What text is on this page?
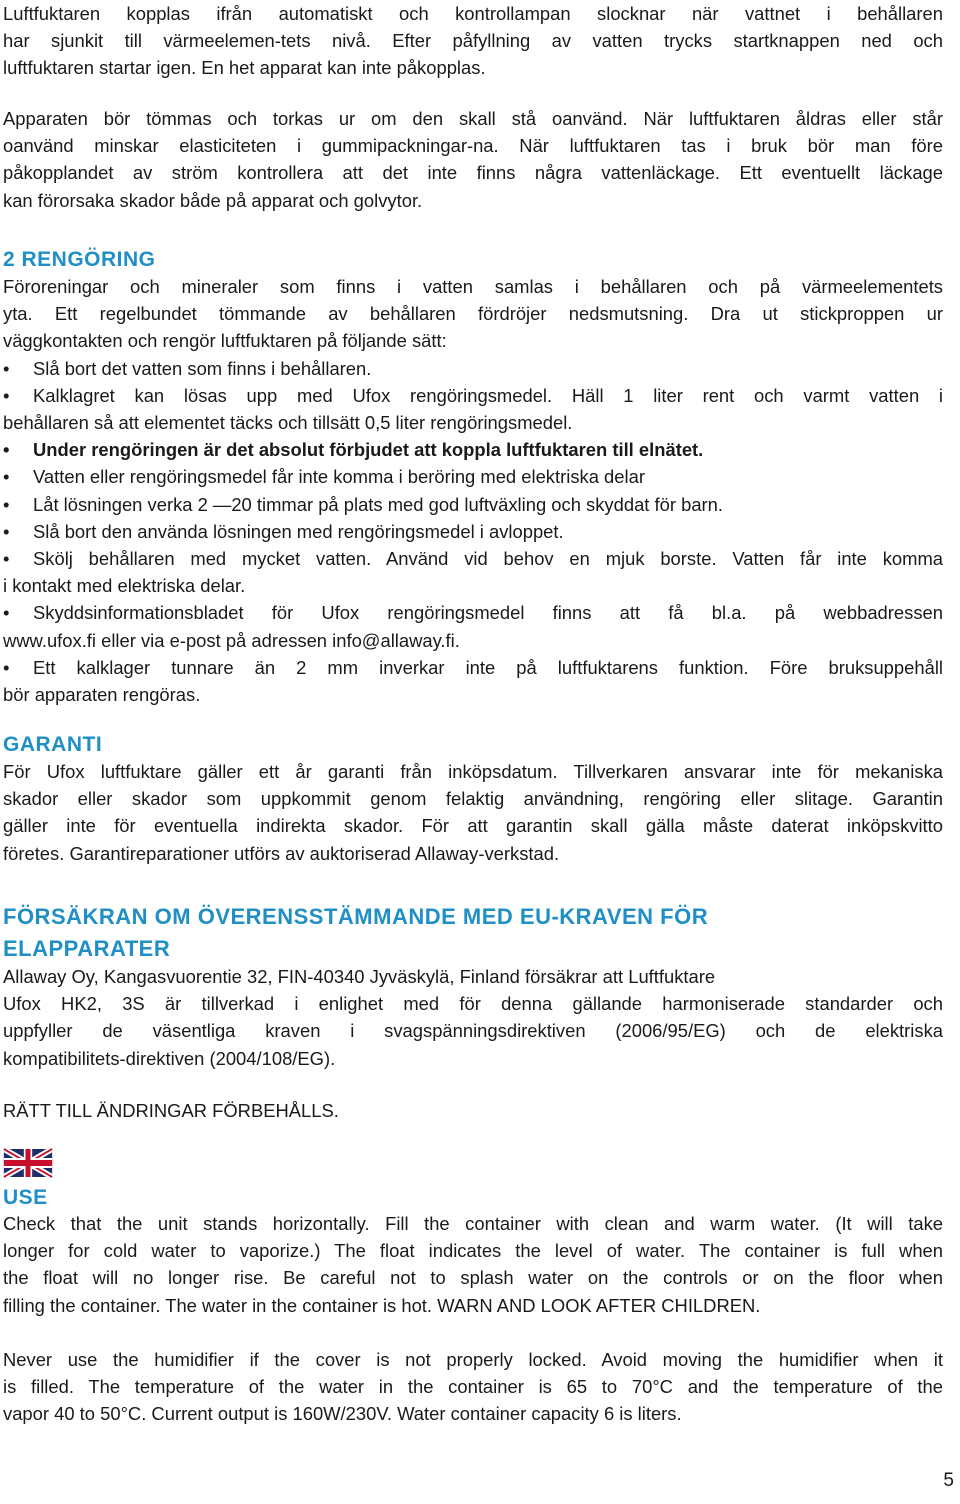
Luftfuktaren kopplas ifrån automatiskt och kontrollampan slocknar när vattnet i behållaren

har sjunkit till värmeelemen-tets nivå. Efter påfyllning av vatten trycks startknappen ned och

luftfuktaren startar igen. En het apparat kan inte påkopplas.

Apparaten bör tömmas och torkas ur om den skall stå oanvänd. När luftfuktaren åldras eller står

oanvänd minskar elasticiteten i gummipackningar-na. När luftfuktaren tas i bruk bör man före

påkopplandet av ström kontrollera att det inte finns några vattenläckage. Ett eventuellt läckage

kan förorsaka skador både på apparat och golvytor.

2 RENGÖRING

Föroreningar och mineraler som finns i vatten samlas i behållaren och på värmeelementets

yta. Ett regelbundet tömmande av behållaren fördröjer nedsmutsning. Dra ut stickproppen ur

väggkontakten och rengör luftfuktaren på följande sätt:

• Slå bort det vatten som finns i behållaren.

• Kalklagret kan lösas upp med Ufox rengöringsmedel. Häll 1 liter rent och varmt vatten i

behållaren så att elementet täcks och tillsätt 0,5 liter rengöringsmedel.

• Under rengöringen är det absolut förbjudet att koppla luftfuktaren till elnätet.
• Vatten eller rengöringsmedel får inte komma i beröring med elektriska delar
• Låt lösningen verka 2 —20 timmar på plats med god luftväxling och skyddat för barn.
• Slå bort den använda lösningen med rengöringsmedel i avloppet.

• Skölj behållaren med mycket vatten. Använd vid behov en mjuk borste. Vatten får inte komma

i kontakt med elektriska delar.

• Skyddsinformationsbladet för Ufox rengöringsmedel finns att få bl.a. på webbadressen

www.ufox.fi eller via e-post på adressen info@allaway.fi.

• Ett kalklager tunnare än 2 mm inverkar inte på luftfuktarens funktion. Före bruksuppehåll

bör apparaten rengöras.

GARANTI

För Ufox luftfuktare gäller ett år garanti från inköpsdatum. Tillverkaren ansvarar inte för mekaniska

skador eller skador som uppkommit genom felaktig användning, rengöring eller slitage. Garantin

gäller inte för eventuella indirekta skador. För att garantin skall gälla måste daterat inköpskvitto

företes. Garantireparationer utförs av auktoriserad Allaway-verkstad.

FÖRSÄKRAN OM ÖVERENSSTÄMMANDE MED EU-KRAVEN FÖR
ELAPPARATER

Allaway Oy, Kangasvuorentie 32, FIN-40340 Jyväskylä, Finland försäkrar att Luftfuktare

Ufox HK2, 3S är tillverkad i enlighet med för denna gällande harmoniserade standarder och

uppfyller de väsentliga kraven i svagspänningsdirektiven (2006/95/EG) och de elektriska

kompatibilitets-direktiven (2004/108/EG).

RÄTT TILL ÄNDRINGAR FÖRBEHÅLLS.

USE

Check that the unit stands horizontally. Fill the container with clean and warm water. (It will take

longer for cold water to vaporize.) The float indicates the level of water. The container is full when

the float will no longer rise. Be careful not to splash water on the controls or on the floor when

filling the container. The water in the container is hot. WARN AND LOOK AFTER CHILDREN.

Never use the humidifier if the cover is not properly locked. Avoid moving the humidifier when it

is filled. The temperature of the water in the container is 65 to 70°C and the temperature of the

vapor 40 to 50°C. Current output is 160W/230V. Water container capacity 6 is liters.

5
